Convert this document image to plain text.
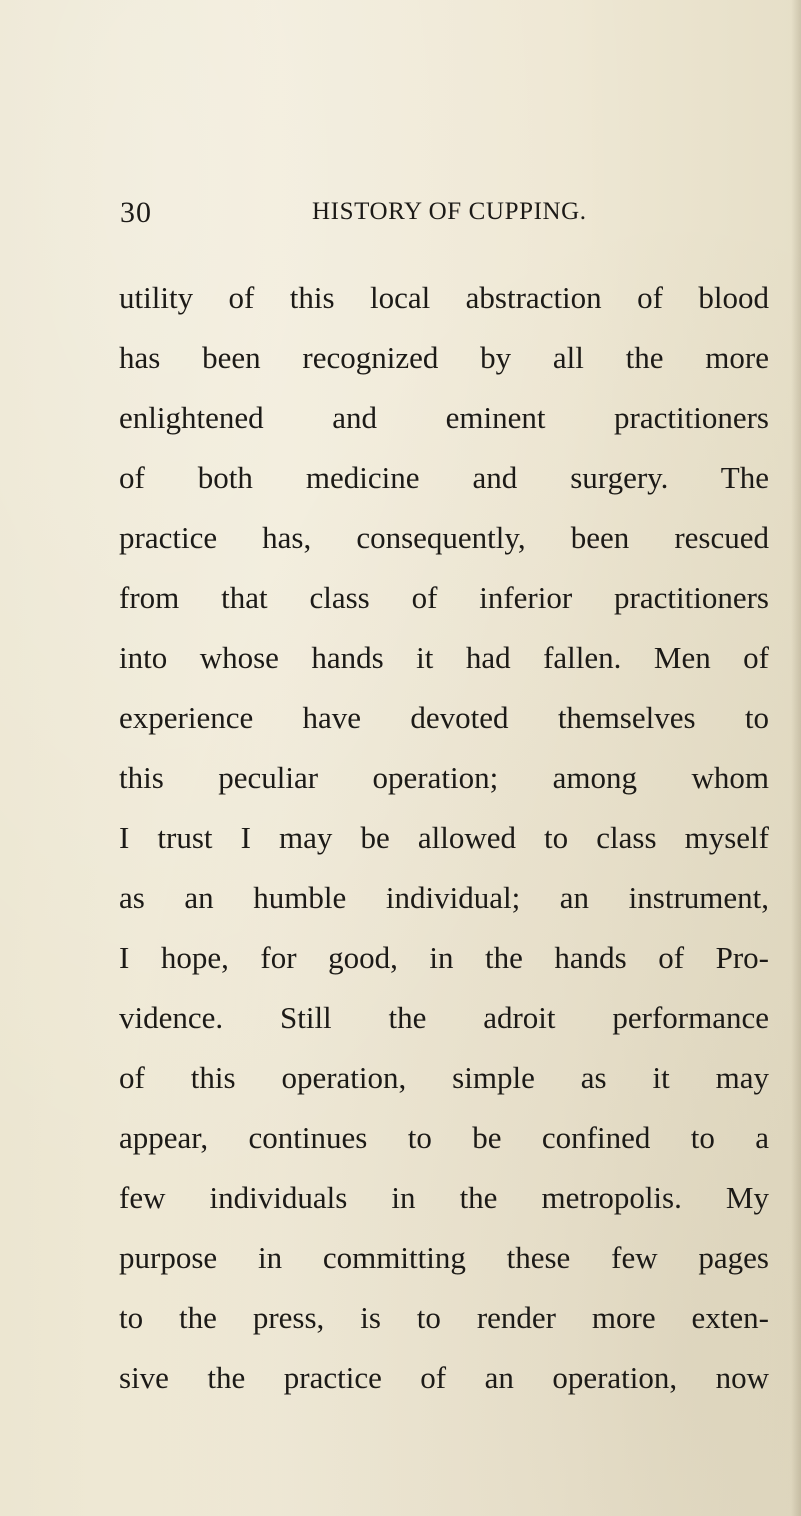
30	HISTORY OF CUPPING.
utility of this local abstraction of blood
has been recognized by all the more
enlightened and eminent practitioners
of both medicine and surgery. The
practice has, consequently, been rescued
from that class of inferior practitioners
into whose hands it had fallen. Men of
experience have devoted themselves to
this peculiar operation; among whom
I trust I may be allowed to class myself
as an humble individual; an instrument,
I hope, for good, in the hands of Pro-
vidence. Still the adroit performance
of this operation, simple as it may
appear, continues to be confined to a
few individuals in the metropolis. My
purpose in committing these few pages
to the press, is to render more exten-
sive the practice of an operation, now
